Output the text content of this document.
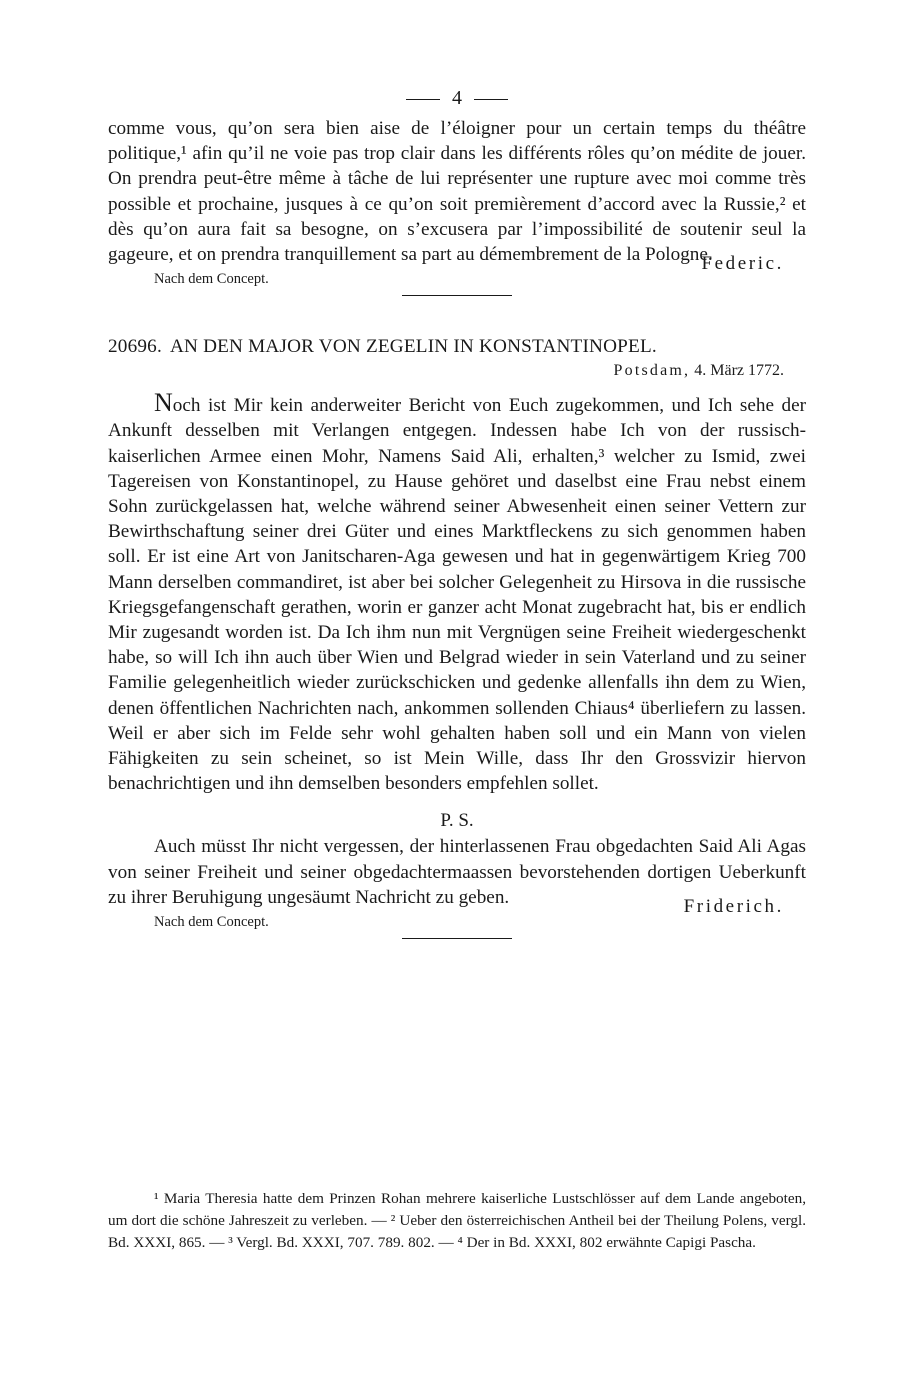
4

comme vous, qu’on sera bien aise de l’éloigner pour un certain temps du théâtre politique,¹ afin qu’il ne voie pas trop clair dans les différents rôles qu’on médite de jouer. On prendra peut-être même à tâche de lui représenter une rupture avec moi comme très possible et prochaine, jusques à ce qu’on soit premièrement d’accord avec la Russie,² et dès qu’on aura fait sa besogne, on s’excusera par l’impossibilité de soutenir seul la gageure, et on prendra tranquillement sa part au démembrement de la Pologne.

Nach dem Concept.
Federic.
20696. AN DEN MAJOR VON ZEGELIN IN KONSTANTINOPEL.
Potsdam, 4. März 1772.

Noch ist Mir kein anderweiter Bericht von Euch zugekommen, und Ich sehe der Ankunft desselben mit Verlangen entgegen. Indessen habe Ich von der russisch-kaiserlichen Armee einen Mohr, Namens Said Ali, erhalten,³ welcher zu Ismid, zwei Tagereisen von Konstantinopel, zu Hause gehöret und daselbst eine Frau nebst einem Sohn zurückgelassen hat, welche während seiner Abwesenheit einen seiner Vettern zur Bewirthschaftung seiner drei Güter und eines Marktfleckens zu sich genommen haben soll. Er ist eine Art von Janitscharen-Aga gewesen und hat in gegenwärtigem Krieg 700 Mann derselben commandiret, ist aber bei solcher Gelegenheit zu Hirsova in die russische Kriegsgefangenschaft gerathen, worin er ganzer acht Monat zugebracht hat, bis er endlich Mir zugesandt worden ist. Da Ich ihm nun mit Vergnügen seine Freiheit wiedergeschenkt habe, so will Ich ihn auch über Wien und Belgrad wieder in sein Vaterland und zu seiner Familie gelegenheitlich wieder zurückschicken und gedenke allenfalls ihn dem zu Wien, denen öffentlichen Nachrichten nach, ankommen sollenden Chiaus⁴ überliefern zu lassen. Weil er aber sich im Felde sehr wohl gehalten haben soll und ein Mann von vielen Fähigkeiten zu sein scheinet, so ist Mein Wille, dass Ihr den Grossvizir hiervon benachrichtigen und ihn demselben besonders empfehlen sollet.

P. S.

Auch müsst Ihr nicht vergessen, der hinterlassenen Frau obgedachten Said Ali Agas von seiner Freiheit und seiner obgedachtermaassen bevorstehenden dortigen Ueberkunft zu ihrer Beruhigung ungesäumt Nachricht zu geben.

Nach dem Concept.
Friderich.

¹ Maria Theresia hatte dem Prinzen Rohan mehrere kaiserliche Lustschlösser auf dem Lande angeboten, um dort die schöne Jahreszeit zu verleben. — ² Ueber den österreichischen Antheil bei der Theilung Polens, vergl. Bd. XXXI, 865. — ³ Vergl. Bd. XXXI, 707. 789. 802. — ⁴ Der in Bd. XXXI, 802 erwähnte Capigi Pascha.
